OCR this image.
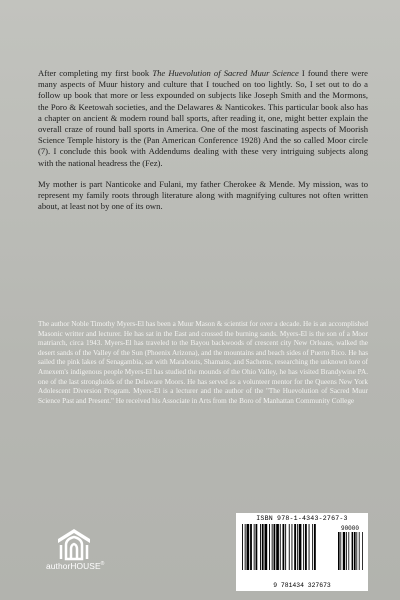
After completing my first book The Huevolution of Sacred Muur Science I found there were many aspects of Muur history and culture that I touched on too lightly. So, I set out to do a follow up book that more or less expounded on subjects like Joseph Smith and the Mormons, the Poro & Keetowah societies, and the Delawares & Nanticokes. This particular book also has a chapter on ancient & modern round ball sports, after reading it, one, might better explain the overall craze of round ball sports in America. One of the most fascinating aspects of Moorish Science Temple history is the (Pan American Conference 1928) And the so called Moor circle (7). I conclude this book with Addendums dealing with these very intriguing subjects along with the national headress the (Fez).

My mother is part Nanticoke and Fulani, my father Cherokee & Mende. My mission, was to represent my family roots through literature along with magnifying cultures not often written about, at least not by one of its own.

The author Noble Timothy Myers-El has been a Muur Mason & scientist for over a decade. He is an accomplished Masonic writter and lecturer. He has sat in the East and crossed the burning sands. Myers-El is the son of a Moor matriarch, circa 1943. Myers-El has traveled to the Bayou backwoods of crescent city New Orleans, walked the desert sands of the Valley of the Sun (Phoenix Arizona), and the mountains and beach sides of Puerto Rico. He has sailed the pink lakes of Senagambia, sat with Marabouts, Shamans, and Sachems, researching the unknown lore of Amexem's indigenous people Myers-El has studied the mounds of the Ohio Valley, he has visited Brandywine PA. one of the last strongholds of the Delaware Moors. He has served as a volunteer mentor for the Queens New York Adolescent Diversion Program. Myers-El is a lecturer and the author of the "The Huevolution of Sacred Muur Science Past and Present." He received his Associate in Arts from the Boro of Manhattan Community College
authorHOUSE®
ISBN 978-1-4343-2767-3
90000
9 781434 327673
